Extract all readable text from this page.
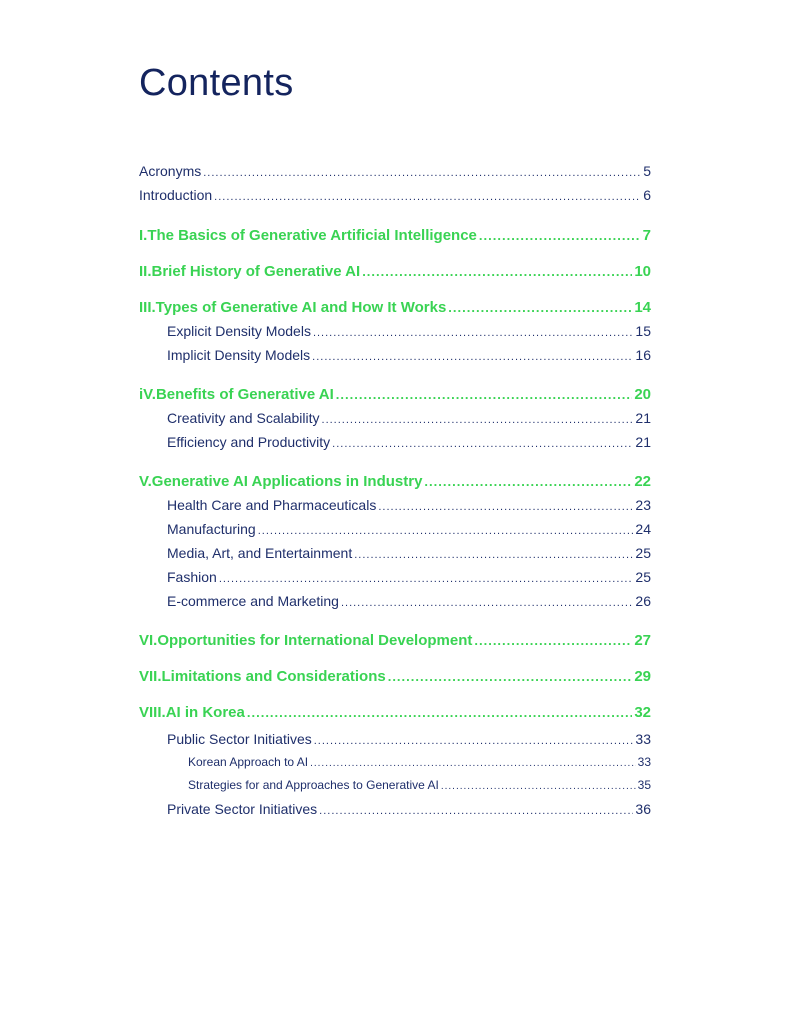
Contents
Acronyms .....	5
Introduction .....	6
I. The Basics of Generative Artificial Intelligence .....	7
II. Brief History of Generative AI .....	10
III. Types of Generative AI and How It Works .....	14
Explicit Density Models .....	15
Implicit Density Models .....	16
iV. Benefits of Generative AI .....	20
Creativity and Scalability .....	21
Efficiency and Productivity .....	21
V. Generative AI Applications in Industry .....	22
Health Care and Pharmaceuticals .....	23
Manufacturing .....	24
Media, Art, and Entertainment .....	25
Fashion .....	25
E-commerce and Marketing .....	26
VI. Opportunities for International Development .....	27
VII. Limitations and Considerations .....	29
VIII. AI in Korea .....	32
Public Sector Initiatives .....	33
Korean Approach to AI .....	33
Strategies for and Approaches to Generative AI .....	35
Private Sector Initiatives .....	36
